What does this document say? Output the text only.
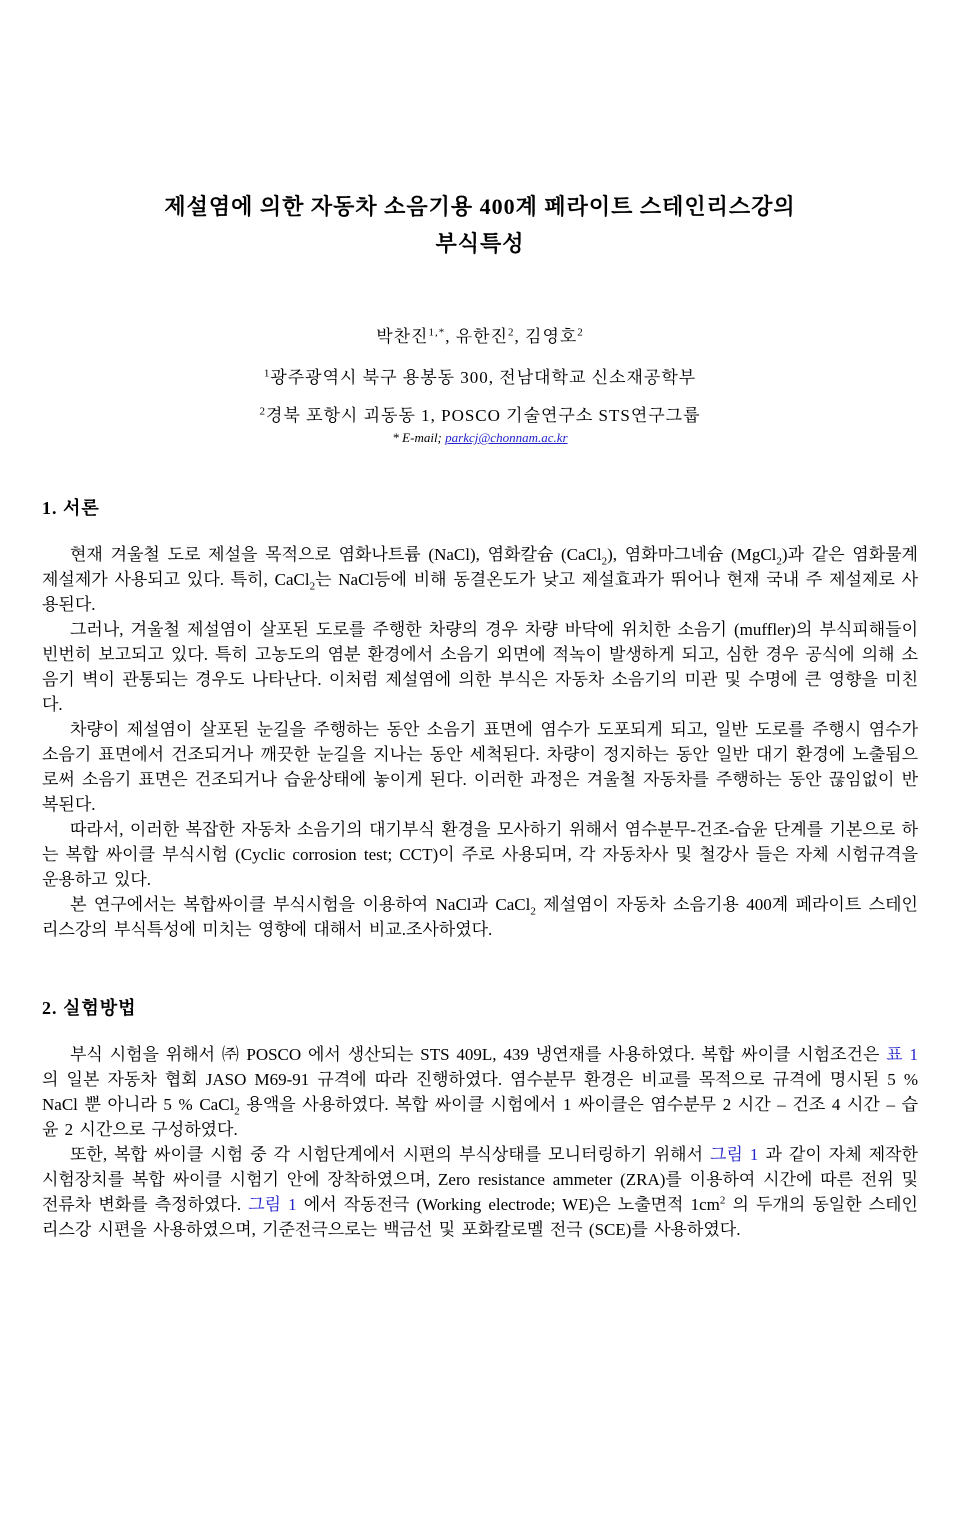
제설염에 의한 자동차 소음기용 400계 페라이트 스테인리스강의
부식특성
박찬진$^{1,*}$, 유한진$^2$, 김영호$^2$
$^1$광주광역시 북구 용봉동 300, 전남대학교 신소재공학부
$^2$경북 포항시 괴동동 1, POSCO 기술연구소 STS연구그룹
* E-mail; parkcj@chonnam.ac.kr
1. 서론

현재 겨울철 도로 제설을 목적으로 염화나트륨 (NaCl), 염화칼슘 (CaCl$_2$), 염화마그네슘 (MgCl$_2$)과 같은 염화물계 제설제가 사용되고 있다. 특히, CaCl$_2$는 NaCl등에 비해 동결온도가 낮고 제설효과가 뛰어나 현재 국내 주 제설제로 사용된다.

그러나, 겨울철 제설염이 살포된 도로를 주행한 차량의 경우 차량 바닥에 위치한 소음기 (muffler)의 부식피해들이 빈번히 보고되고 있다. 특히 고농도의 염분 환경에서 소음기 외면에 적녹이 발생하게 되고, 심한 경우 공식에 의해 소음기 벽이 관통되는 경우도 나타난다. 이처럼 제설염에 의한 부식은 자동차 소음기의 미관 및 수명에 큰 영향을 미친다.

차량이 제설염이 살포된 눈길을 주행하는 동안 소음기 표면에 염수가 도포되게 되고, 일반 도로를 주행시 염수가 소음기 표면에서 건조되거나 깨끗한 눈길을 지나는 동안 세척된다. 차량이 정지하는 동안 일반 대기 환경에 노출됨으로써 소음기 표면은 건조되거나 습윤상태에 놓이게 된다. 이러한 과정은 겨울철 자동차를 주행하는 동안 끊임없이 반복된다.

따라서, 이러한 복잡한 자동차 소음기의 대기부식 환경을 모사하기 위해서 염수분무-건조-습윤 단계를 기본으로 하는 복합 싸이클 부식시험 (Cyclic corrosion test; CCT)이 주로 사용되며, 각 자동차사 및 철강사 들은 자체 시험규격을 운용하고 있다.

본 연구에서는 복합싸이클 부식시험을 이용하여 NaCl과 CaCl$_2$ 제설염이 자동차 소음기용 400계 페라이트 스테인리스강의 부식특성에 미치는 영향에 대해서 비교.조사하였다.

2. 실험방법

부식 시험을 위해서 ㈜ POSCO 에서 생산되는 STS 409L, 439 냉연재를 사용하였다. 복합 싸이클 시험조건은 표 1 의 일본 자동차 협회 JASO M69-91 규격에 따라 진행하였다. 염수분무 환경은 비교를 목적으로 규격에 명시된 5 % NaCl 뿐 아니라 5 % CaCl$_2$ 용액을 사용하였다. 복합 싸이클 시험에서 1 싸이클은 염수분무 2 시간 – 건조 4 시간 – 습윤 2 시간으로 구성하였다.

또한, 복합 싸이클 시험 중 각 시험단계에서 시편의 부식상태를 모니터링하기 위해서 그림 1 과 같이 자체 제작한 시험장치를 복합 싸이클 시험기 안에 장착하였으며, Zero resistance ammeter (ZRA)를 이용하여 시간에 따른 전위 및 전류차 변화를 측정하였다. 그림 1 에서 작동전극 (Working electrode; WE)은 노출면적 $1cm^2$ 의 두개의 동일한 스테인리스강 시편을 사용하였으며, 기준전극으로는 백금선 및 포화칼로멜 전극 (SCE)를 사용하였다.
